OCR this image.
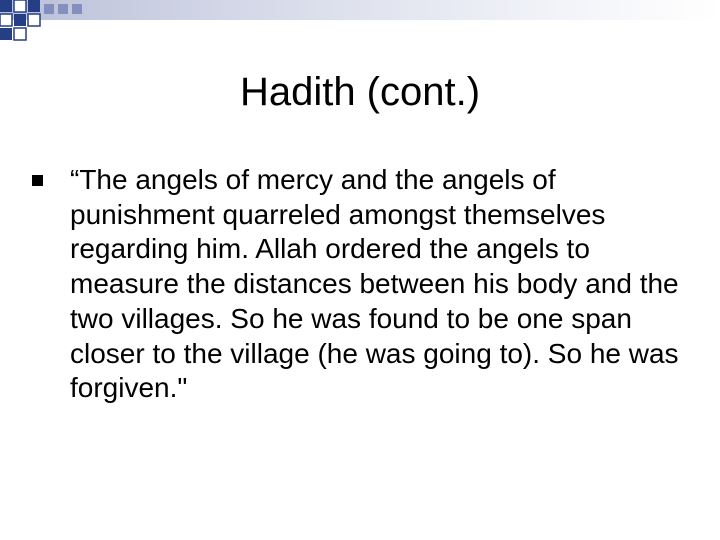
Hadith (cont.)

“The angels of mercy and the angels of punishment quarreled amongst themselves regarding him. Allah ordered the angels to measure the distances between his body and the two villages. So he was found to be one span closer to the village (he was going to). So he was forgiven."
